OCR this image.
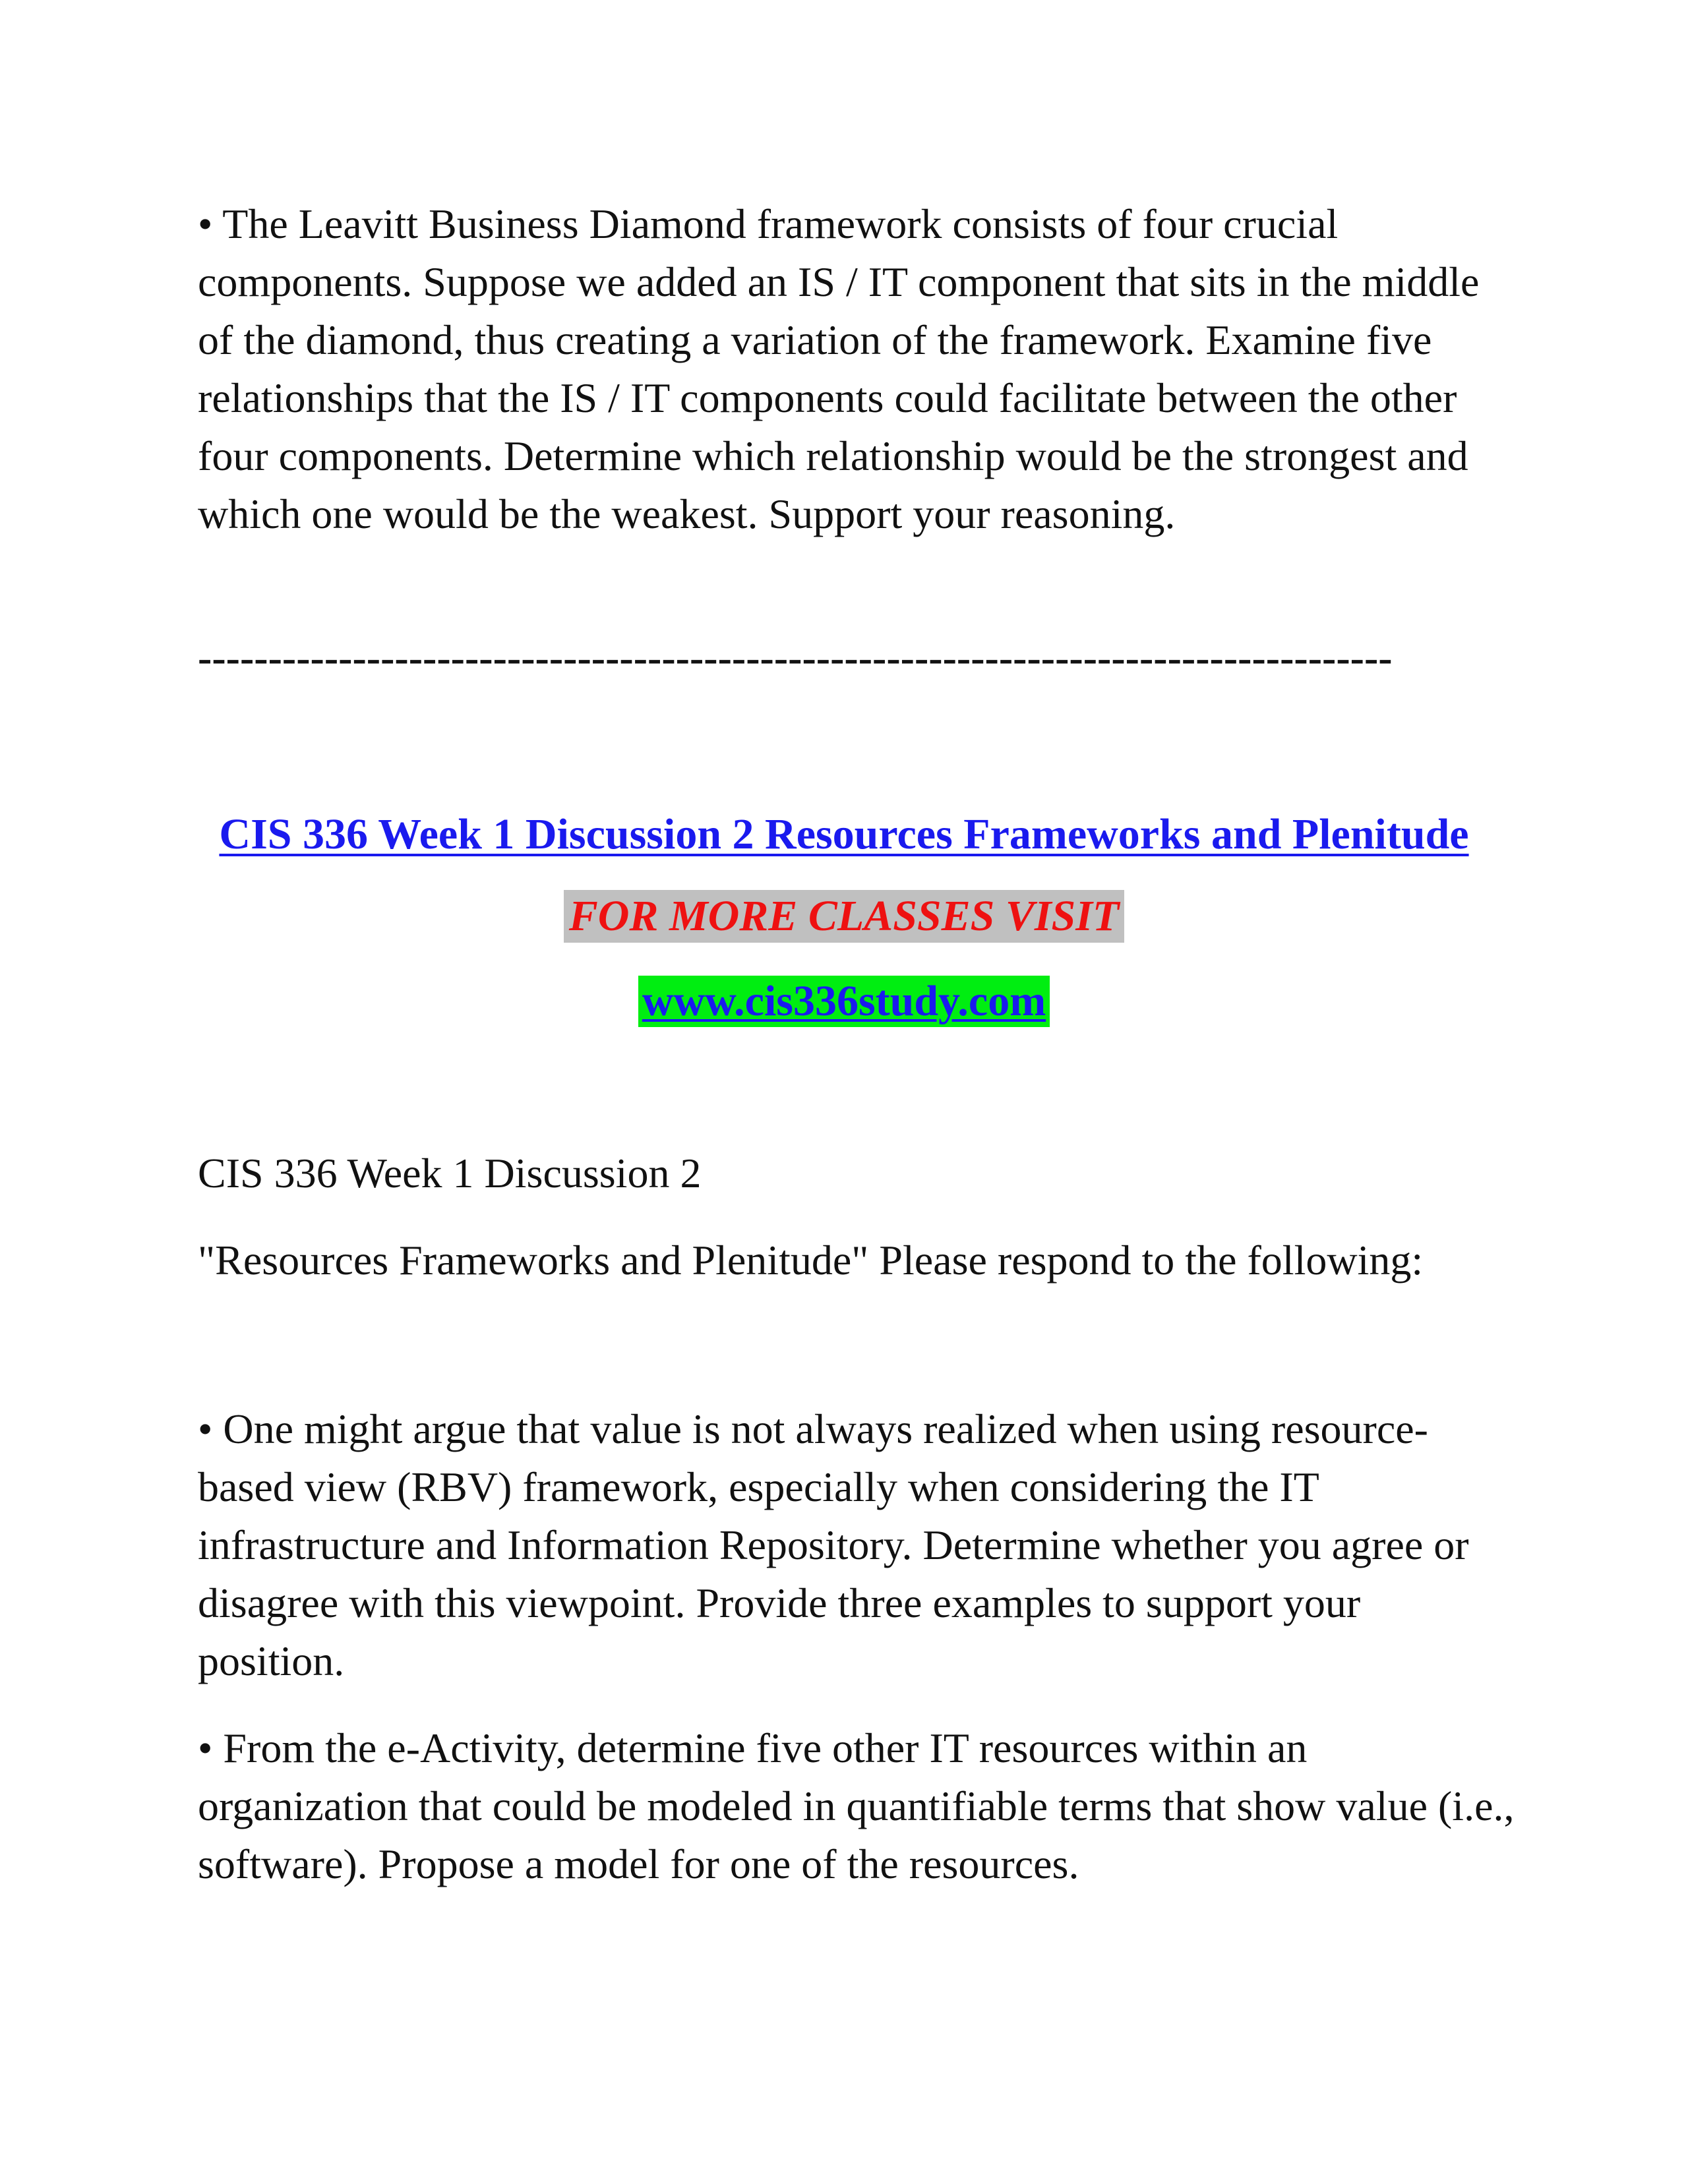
• The Leavitt Business Diamond framework consists of four crucial components. Suppose we added an IS / IT component that sits in the middle of the diamond, thus creating a variation of the framework. Examine five relationships that the IS / IT components could facilitate between the other four components. Determine which relationship would be the strongest and which one would be the weakest. Support your reasoning.

-------------------------------------------------------------------------------------
CIS 336 Week 1 Discussion 2 Resources Frameworks and Plenitude
FOR MORE CLASSES VISIT
www.cis336study.com

CIS 336 Week 1 Discussion 2

"Resources Frameworks and Plenitude" Please respond to the following:

• One might argue that value is not always realized when using resource-based view (RBV) framework, especially when considering the IT infrastructure and Information Repository. Determine whether you agree or disagree with this viewpoint. Provide three examples to support your position.

• From the e-Activity, determine five other IT resources within an organization that could be modeled in quantifiable terms that show value (i.e., software). Propose a model for one of the resources.
